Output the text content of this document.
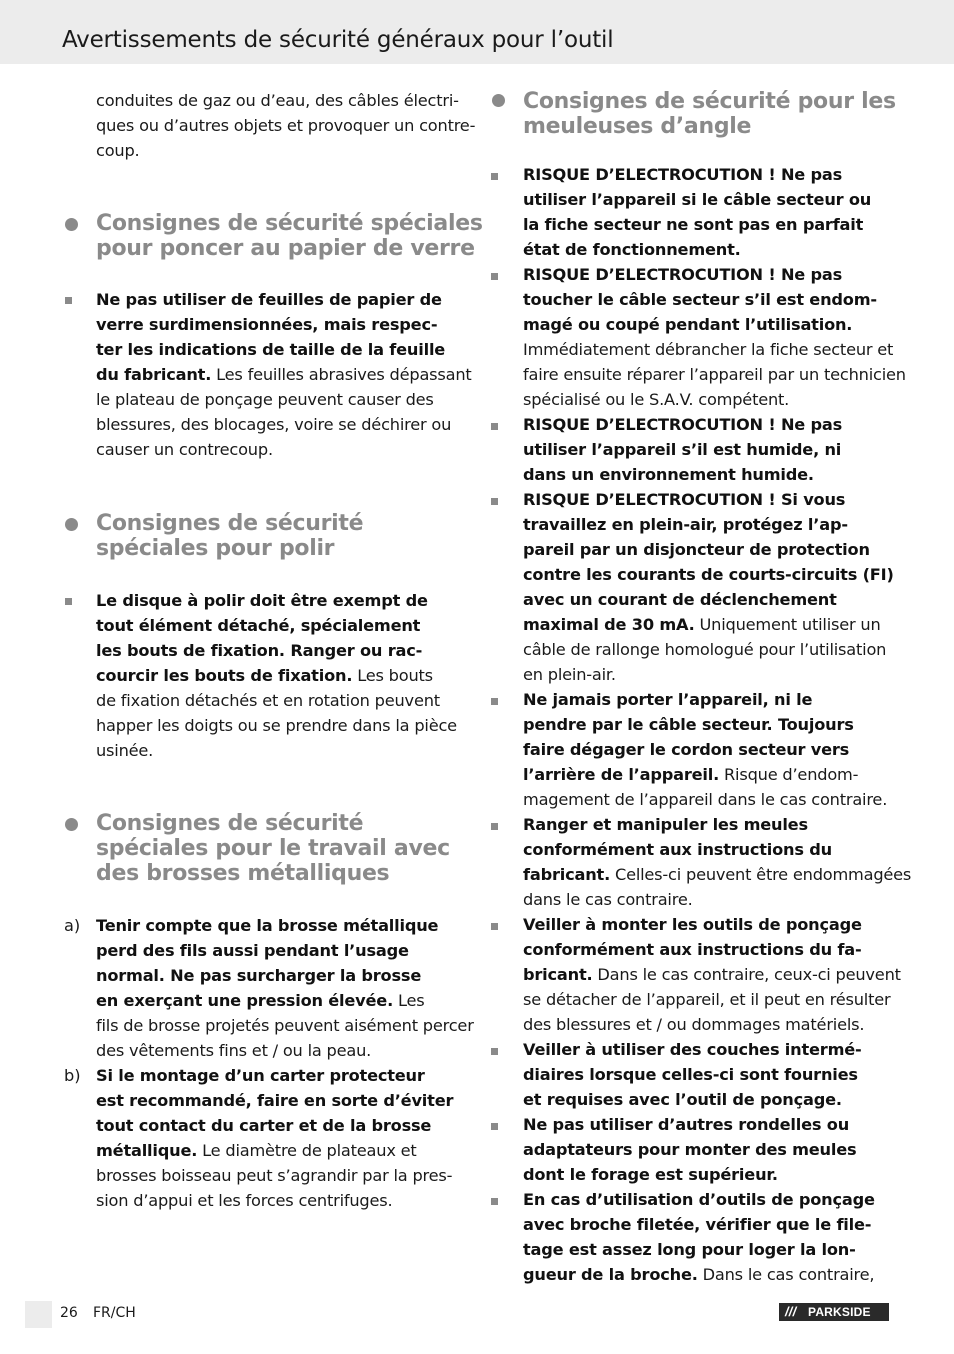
Avertissements de sécurité généraux pour l’outil
conduites de gaz ou d’eau, des câbles électri-
ques ou d’autres objets et provoquer un contre-
coup.
Consignes de sécurité spéciales
pour poncer au papier de verre
Ne pas utiliser de feuilles de papier de
verre surdimensionnées, mais respec-
ter les indications de taille de la feuille
du fabricant. Les feuilles abrasives dépassant
le plateau de ponçage peuvent causer des
blessures, des blocages, voire se déchirer ou
causer un contrecoup.
Consignes de sécurité
spéciales pour polir
Le disque à polir doit être exempt de
tout élément détaché, spécialement
les bouts de fixation. Ranger ou rac-
courcir les bouts de fixation. Les bouts
de fixation détachés et en rotation peuvent
happer les doigts ou se prendre dans la pièce
usinée.
Consignes de sécurité
spéciales pour le travail avec
des brosses métalliques
a) Tenir compte que la brosse métallique
perd des fils aussi pendant l’usage
normal. Ne pas surcharger la brosse
en exerçant une pression élevée. Les
fils de brosse projetés peuvent aisément percer
des vêtements fins et / ou la peau.
b) Si le montage d’un carter protecteur
est recommandé, faire en sorte d’éviter
tout contact du carter et de la brosse
métallique. Le diamètre de plateaux et
brosses boisseau peut s’agrandir par la pres-
sion d’appui et les forces centrifuges.
Consignes de sécurité pour les
meuleuses d’angle
RISQUE D’ELECTROCUTION ! Ne pas
utiliser l’appareil si le câble secteur ou
la fiche secteur ne sont pas en parfait
état de fonctionnement.
RISQUE D’ELECTROCUTION ! Ne pas
toucher le câble secteur s’il est endom-
magé ou coupé pendant l’utilisation.
Immédiatement débrancher la fiche secteur et
faire ensuite réparer l’appareil par un technicien
spécialisé ou le S.A.V. compétent.
RISQUE D’ELECTROCUTION ! Ne pas
utiliser l’appareil s’il est humide, ni
dans un environnement humide.
RISQUE D’ELECTROCUTION ! Si vous
travaillez en plein-air, protégez l’ap-
pareil par un disjoncteur de protection
contre les courants de courts-circuits (FI)
avec un courant de déclenchement
maximal de 30 mA. Uniquement utiliser un
câble de rallonge homologué pour l’utilisation
en plein-air.
Ne jamais porter l’appareil, ni le
pendre par le câble secteur. Toujours
faire dégager le cordon secteur vers
l’arrière de l’appareil. Risque d’endom-
magement de l’appareil dans le cas contraire.
Ranger et manipuler les meules
conformément aux instructions du
fabricant. Celles-ci peuvent être endommagées
dans le cas contraire.
Veiller à monter les outils de ponçage
conformément aux instructions du fa-
bricant. Dans le cas contraire, ceux-ci peuvent
se détacher de l’appareil, et il peut en résulter
des blessures et / ou dommages matériels.
Veiller à utiliser des couches intermé-
diaires lorsque celles-ci sont fournies
et requises avec l’outil de ponçage.
Ne pas utiliser d’autres rondelles ou
adaptateurs pour monter des meules
dont le forage est supérieur.
En cas d’utilisation d’outils de ponçage
avec broche filetée, vérifier que le file-
tage est assez long pour loger la lon-
gueur de la broche. Dans le cas contraire,
26 FR/CH	/// PARKSIDE
